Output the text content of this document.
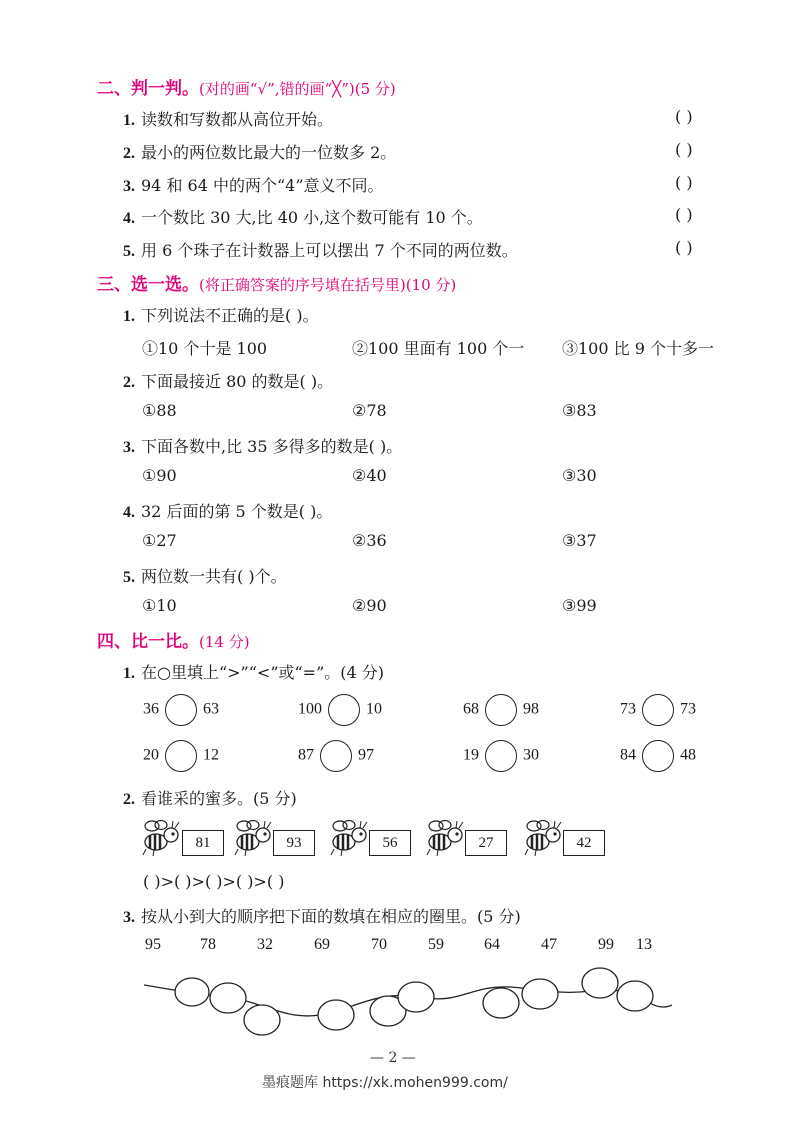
二、判一判。(对的画“√”,错的画“╳”)(5 分)
1. 读数和写数都从高位开始。	( )
2. 最小的两位数比最大的一位数多 2。	( )
3. 94 和 64 中的两个“4”意义不同。	( )
4. 一个数比 30 大,比 40 小,这个数可能有 10 个。	( )
5. 用 6 个珠子在计数器上可以摆出 7 个不同的两位数。	( )
三、选一选。(将正确答案的序号填在括号里)(10 分)
1. 下列说法不正确的是( )。
①10 个十是 100	②100 里面有 100 个一 ③100 比 9 个十多一
2. 下面最接近 80 的数是( )。
①88	②78	③83
3. 下面各数中,比 35 多得多的数是( )。
①90	②40	③30
4. 32 后面的第 5 个数是( )。
①27	②36	③37
5. 两位数一共有( )个。
①10	②90	③99
四、比一比。(14 分)
1. 在○里填上“>”“<”或“=”。(4 分)
36	63	100	10	68	98	73	73
20	12	87	97	19	30	84	48
2. 看谁采的蜜多。(5 分)
81	93	56	27	42
( )>( )>( )>( )>( )
3. 按从小到大的顺序把下面的数填在相应的圈里。(5 分)
95 78	32	69	70	59	64	47	99 13
— 2 —
墨痕题库 https://xk.mohen999.com/
